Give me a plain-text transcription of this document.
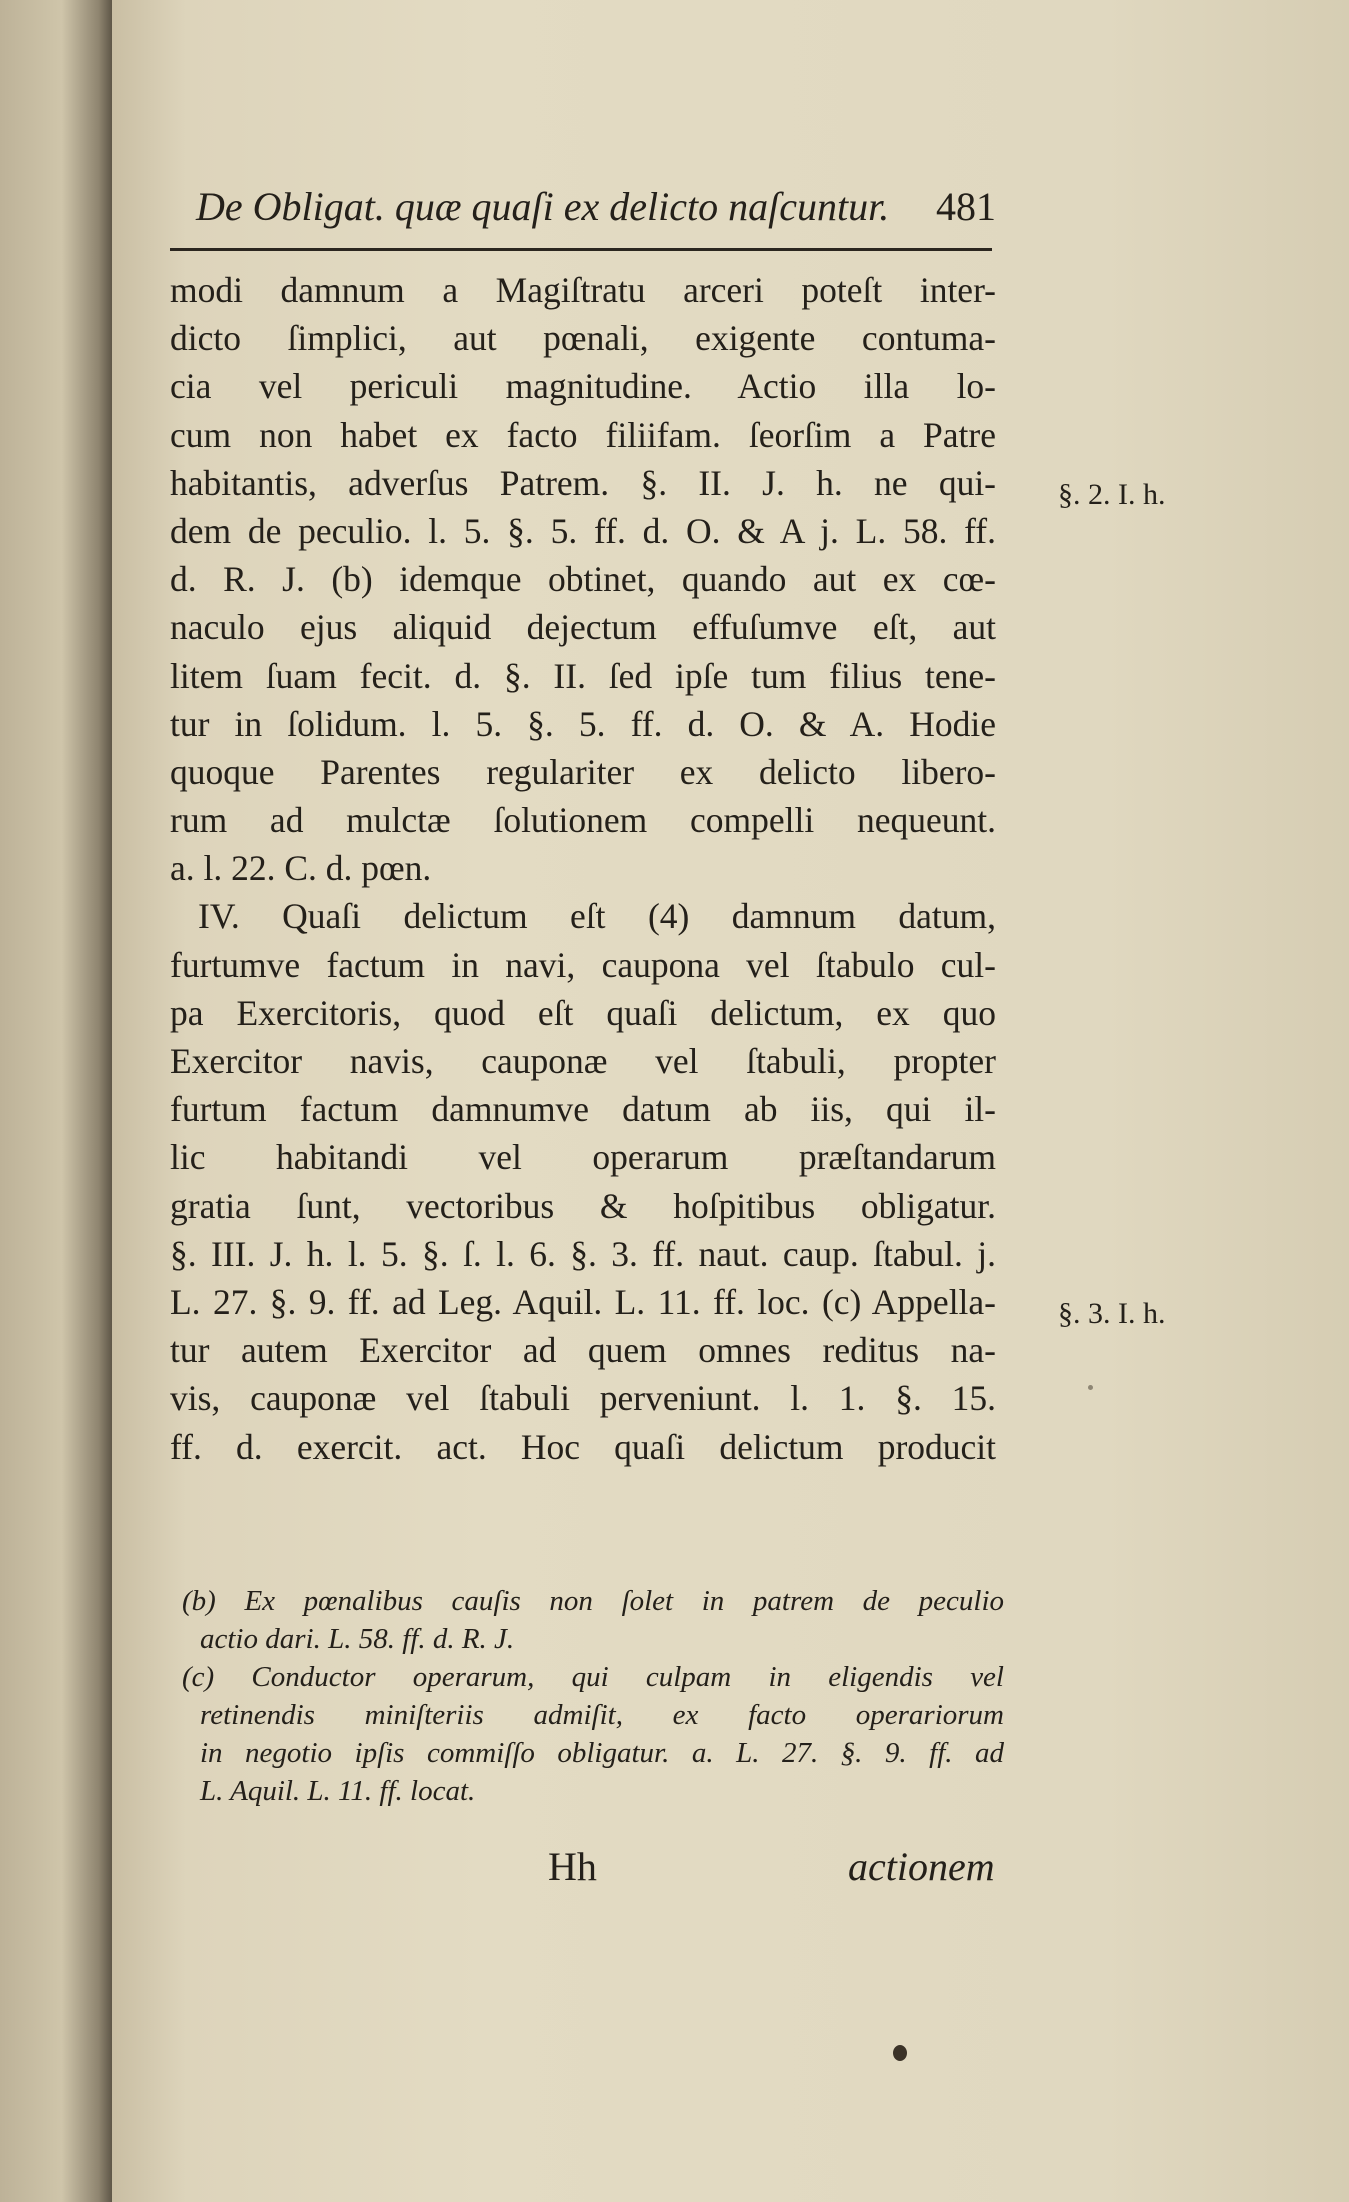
De Obligat. quæ quaſi ex delicto naſcuntur. 481
modi damnum a Magiſtratu arceri poteſt inter-
dicto ſimplici, aut pœnali, exigente contuma-
cia vel periculi magnitudine. Actio illa lo-
cum non habet ex facto filiifam. ſeorſim a Patre
habitantis, adverſus Patrem. §. II. J. h. ne qui-
dem de peculio. l. 5. §. 5. ff. d. O. & A j. L. 58. ff.
d. R. J. (b) idemque obtinet, quando aut ex cœ-
naculo ejus aliquid dejectum effuſumve eſt, aut
litem ſuam fecit. d. §. II. ſed ipſe tum filius tene-
tur in ſolidum. l. 5. §. 5. ff. d. O. & A. Hodie
quoque Parentes regulariter ex delicto libero-
rum ad mulctæ ſolutionem compelli nequeunt.
a. l. 22. C. d. pœn.
IV. Quaſi delictum eſt (4) damnum datum,
furtumve factum in navi, caupona vel ſtabulo cul-
pa Exercitoris, quod eſt quaſi delictum, ex quo
Exercitor navis, cauponæ vel ſtabuli, propter
furtum factum damnumve datum ab iis, qui il-
lic habitandi vel operarum præſtandarum
gratia ſunt, vectoribus & hoſpitibus obligatur.
§. III. J. h. l. 5. §. ſ. l. 6. §. 3. ff. naut. caup. ſtabul. j.
L. 27. §. 9. ff. ad Leg. Aquil. L. 11. ff. loc. (c) Appella-
tur autem Exercitor ad quem omnes reditus na-
vis, cauponæ vel ſtabuli perveniunt. l. 1. §. 15.
ff. d. exercit. act. Hoc quaſi delictum producit
§. 2. I. h.
§. 3. I. h.
(b) Ex pœnalibus cauſis non ſolet in patrem de peculio
actio dari. L. 58. ff. d. R. J.
(c) Conductor operarum, qui culpam in eligendis vel
retinendis miniſteriis admiſit, ex facto operariorum
in negotio ipſis commiſſo obligatur. a. L. 27. §. 9. ff. ad
L. Aquil. L. 11. ff. locat.
Hh	actionem
